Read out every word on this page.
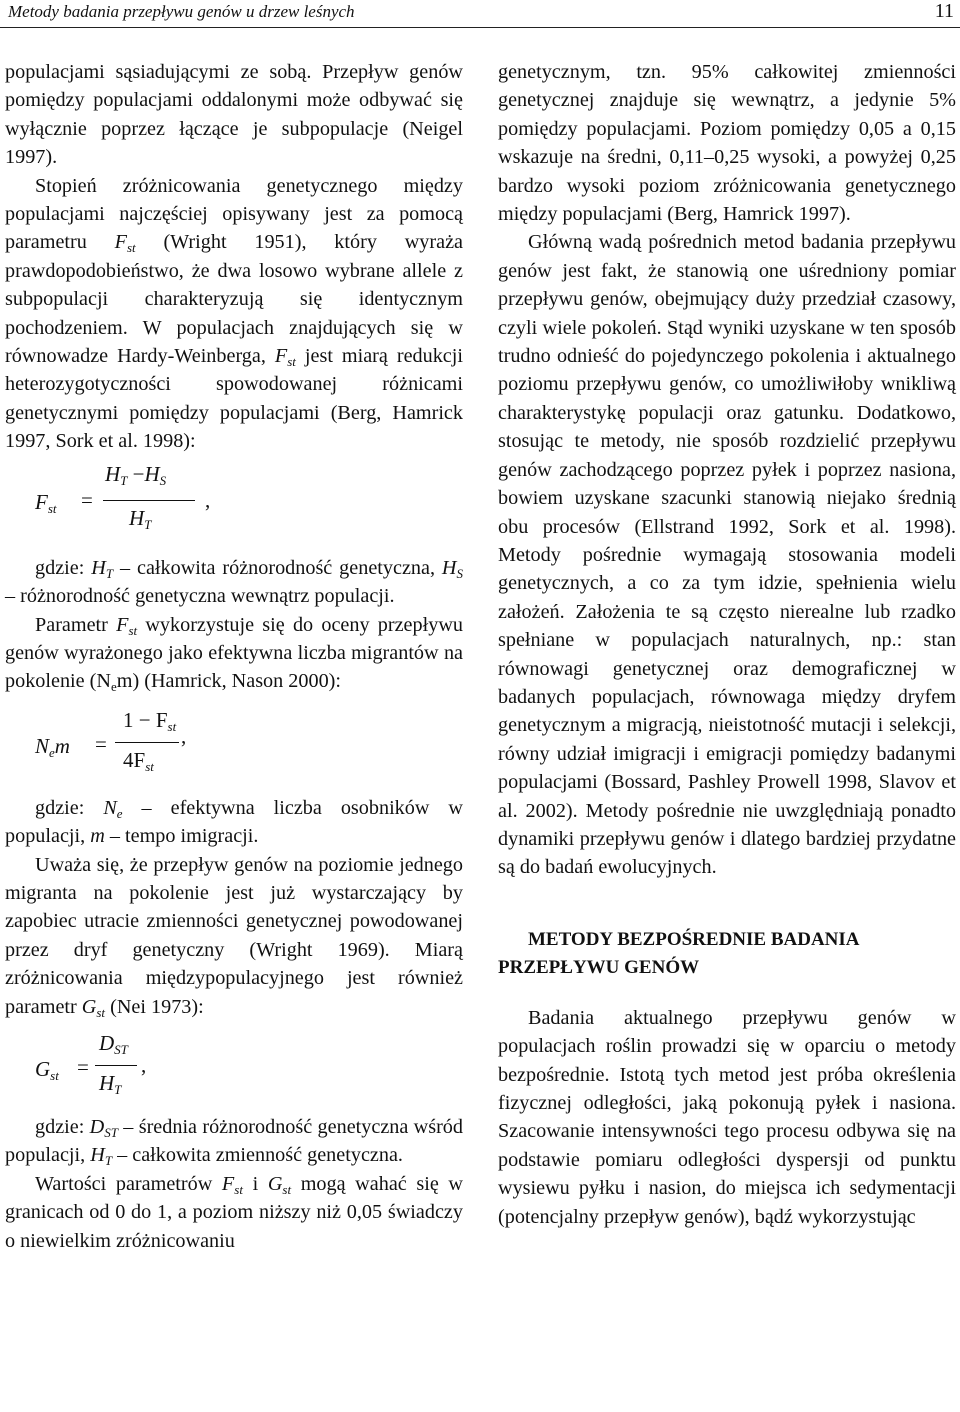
Metody badania przepływu genów u drzew leśnych	11

populacjami sąsiadującymi ze sobą. Przepływ genów pomiędzy populacjami oddalonymi może odbywać się wyłącznie poprzez łączące je subpopulacje (Neigel 1997).

Stopień zróżnicowania genetycznego między populacjami najczęściej opisywany jest za pomocą parametru $F_{st}$ (Wright 1951), który wyraża prawdopodobieństwo, że dwa losowo wybrane allele z subpopulacji charakteryzują się identycznym pochodzeniem. W populacjach znajdujących się w równowadze Hardy-Weinberga, $F_{st}$ jest miarą redukcji heterozygotyczności spowodowanej różnicami genetycznymi pomiędzy populacjami (Berg, Hamrick 1997, Sork et al. 1998):

$F_{st}$ =
$H_T -H_S$
$H_T$
,

gdzie: $H_T$ – całkowita różnorodność genetyczna, $H_S$ – różnorodność genetyczna wewnątrz populacji.

Parametr $F_{st}$ wykorzystuje się do oceny przepływu genów wyrażonego jako efektywna liczba migrantów na pokolenie $(N_em)$ (Hamrick, Nason 2000):

$N_em$ =
$1 - F_{st}$
$4F_{st}$
,

gdzie: $N_e$ – efektywna liczba osobników w populacji, m – tempo imigracji.

Uważa się, że przepływ genów na poziomie jednego migranta na pokolenie jest już wystarczający by zapobiec utracie zmienności genetycznej powodowanej przez dryf genetyczny (Wright 1969). Miarą zróżnicowania międzypopulacyjnego jest również parametr $G_{st}$ (Nei 1973):

$G_{st}$ =
$D_{ST}$
$H_T$
,

gdzie: $D_{ST}$ – średnia różnorodność genetyczna wśród populacji, $H_T$ – całkowita zmienność genetyczna.

Wartości parametrów $F_{st}$ i $G_{st}$ mogą wahać się w granicach od 0 do 1, a poziom niższy niż 0,05 świadczy o niewielkim zróżnicowaniu

genetycznym, tzn. 95% całkowitej zmienności genetycznej znajduje się wewnątrz, a jedynie 5% pomiędzy populacjami. Poziom pomiędzy 0,05 a 0,15 wskazuje na średni, 0,11–0,25 wysoki, a powyżej 0,25 bardzo wysoki poziom zróżnicowania genetycznego między populacjami (Berg, Hamrick 1997).

Główną wadą pośrednich metod badania przepływu genów jest fakt, że stanowią one uśredniony pomiar przepływu genów, obejmujący duży przedział czasowy, czyli wiele pokoleń. Stąd wyniki uzyskane w ten sposób trudno odnieść do pojedynczego pokolenia i aktualnego poziomu przepływu genów, co umożliwiłoby wnikliwą charakterystykę populacji oraz gatunku. Dodatkowo, stosując te metody, nie sposób rozdzielić przepływu genów zachodzącego poprzez pyłek i poprzez nasiona, bowiem uzyskane szacunki stanowią niejako średnią obu procesów (Ellstrand 1992, Sork et al. 1998). Metody pośrednie wymagają stosowania modeli genetycznych, a co za tym idzie, spełnienia wielu założeń. Założenia te są często nierealne lub rzadko spełniane w populacjach naturalnych, np.: stan równowagi genetycznej oraz demograficznej w badanych populacjach, równowaga między dryfem genetycznym a migracją, nieistotność mutacji i selekcji, równy udział imigracji i emigracji pomiędzy badanymi populacjami (Bossard, Pashley Prowell 1998, Slavov et al. 2002). Metody pośrednie nie uwzględniają ponadto dynamiki przepływu genów i dlatego bardziej przydatne są do badań ewolucyjnych.

METODY BEZPOŚREDNIE BADANIA
PRZEPŁYWU GENÓW

Badania aktualnego przepływu genów w populacjach roślin prowadzi się w oparciu o metody bezpośrednie. Istotą tych metod jest próba określenia fizycznej odległości, jaką pokonują pyłek i nasiona. Szacowanie intensywności tego procesu odbywa się na podstawie pomiaru odległości dyspersji od punktu wysiewu pyłku i nasion, do miejsca ich sedymentacji (potencjalny przepływ genów), bądź wykorzystując
